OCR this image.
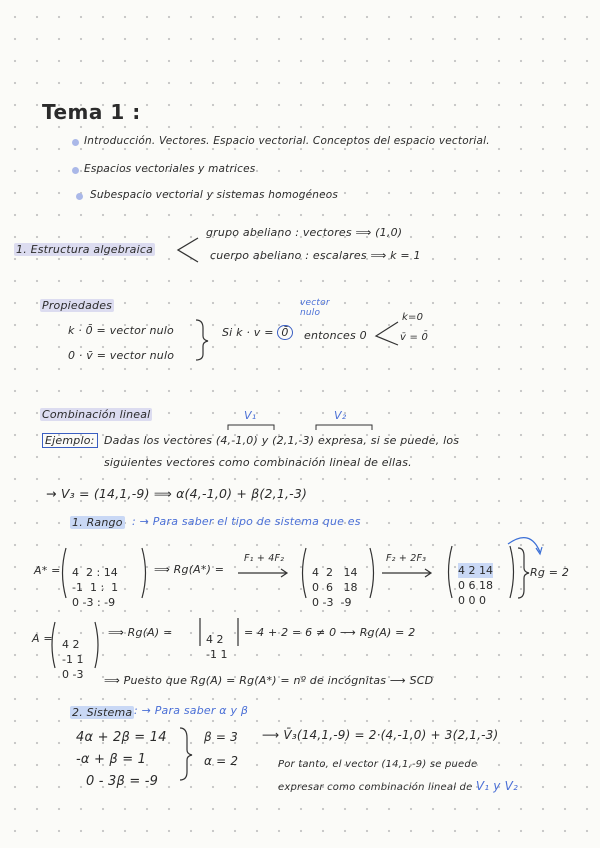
Tema 1 :
Introducción. Vectores. Espacio vectorial. Conceptos del espacio vectorial.
Espacios vectoriales y matrices
Subespacio vectorial y sistemas homogéneos
1. Estructura algebraica
grupo abeliano : vectores ⟹ (1,0)
cuerpo abeliano : escalares ⟹ k = 1
Propiedades	vector nulo
k · 0̄ = vector nulo
0 · v̄ = vector nulo
Si k · v = 0̄	entonces 0
k=0
v̄ = 0̄
Combinación lineal	V₁	V₂
Ejemplo: Dadas los vectores (4,-1,0) y (2,1,-3) expresa, si se puede, los
siguientes vectores como combinación lineal de ellas.
→ V₃ = (14,1,-9) ⟹ α(4,-1,0) + β(2,1,-3)
1. Rango : → Para saber el tipo de sistema que es
A* = 4 2 : 14
-1 1 :  1
0 -3 : -9
⟹ Rg(A*) =
F₁ + 4F₂

4 2 14
0 6 18
0 -3 -9
F₂ + 2F₃

4 2 14
0 6 18
0 0 0
Rg = 2
A = 4 2
-1 1
0 -3
⟹ Rg(A) =

4 2
-1 1
= 4 + 2 = 6 ≠ 0 ⟶ Rg(A) = 2
⟹ Puesto que Rg(A) = Rg(A*) = nº de incógnitas ⟶ SCD
2. Sistema : → Para saber α y β
4α + 2β = 14
-α + β = 1
0 - 3β = -9
β = 3
α = 2
⟶ V̄₃(14,1,-9) = 2·(4,-1,0) + 3(2,1,-3)
Por tanto, el vector (14,1,-9) se puede
expresar como combinación lineal de V₁ y V₂
